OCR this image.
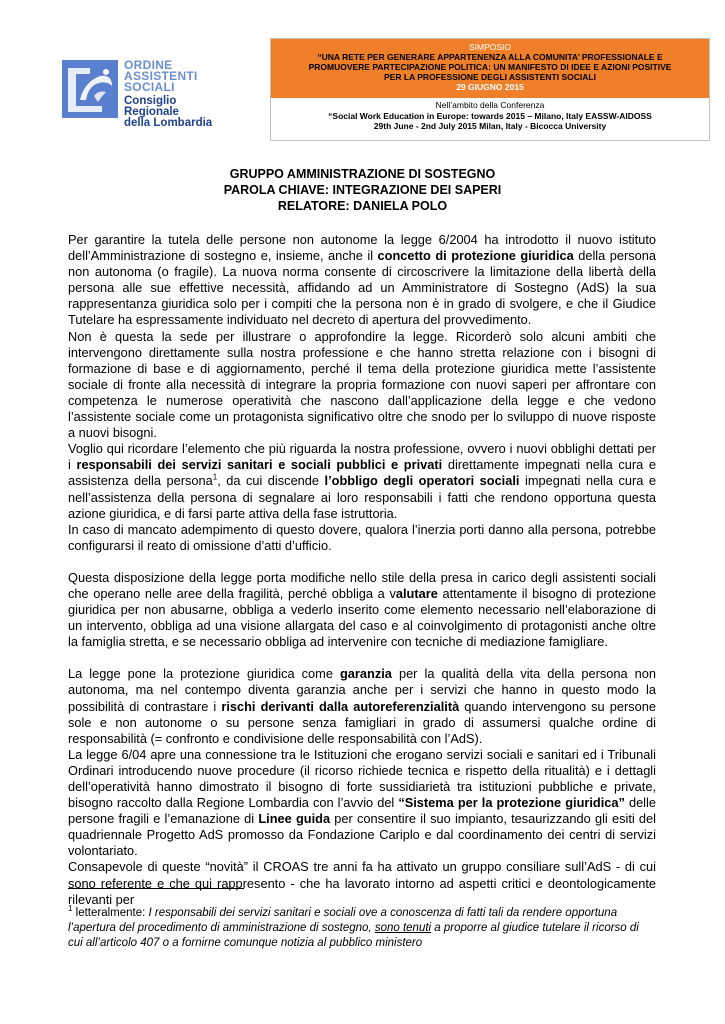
ORDINE
ASSISTENTI
SOCIALI
Consiglio Regionale
della Lombardia
SIMPOSIO
“UNA RETE PER GENERARE APPARTENENZA ALLA COMUNITA’ PROFESSIONALE E
PROMUOVERE PARTECIPAZIONE POLITICA: UN MANIFESTO DI IDEE E AZIONI POSITIVE
PER LA PROFESSIONE DEGLI ASSISTENTI SOCIALI
29 GIUGNO 2015
Nell’ambito della Conferenza
“Social Work Education in Europe: towards 2015 – Milano, Italy EASSW-AIDOSS
29th June - 2nd July 2015 Milan, Italy - Bicocca University
GRUPPO AMMINISTRAZIONE DI SOSTEGNO
PAROLA CHIAVE: INTEGRAZIONE DEI SAPERI
RELATORE: DANIELA POLO

Per garantire la tutela delle persone non autonome la legge 6/2004 ha introdotto il nuovo istituto dell’Amministrazione di sostegno e, insieme, anche il concetto di protezione giuridica della persona non autonoma (o fragile). La nuova norma consente di circoscrivere la limitazione della libertà della persona alle sue effettive necessità, affidando ad un Amministratore di Sostegno (AdS) la sua rappresentanza giuridica solo per i compiti che la persona non è in grado di svolgere, e che il Giudice Tutelare ha espressamente individuato nel decreto di apertura del provvedimento.

Non è questa la sede per illustrare o approfondire la legge. Ricorderò solo alcuni ambiti che intervengono direttamente sulla nostra professione e che hanno stretta relazione con i bisogni di formazione di base e di aggiornamento, perché il tema della protezione giuridica mette l’assistente sociale di fronte alla necessità di integrare la propria formazione con nuovi saperi per affrontare con competenza le numerose operatività che nascono dall’applicazione della legge e che vedono l’assistente sociale come un protagonista significativo oltre che snodo per lo sviluppo di nuove risposte a nuovi bisogni.

Voglio qui ricordare l’elemento che più riguarda la nostra professione, ovvero i nuovi obblighi dettati per i responsabili dei servizi sanitari e sociali pubblici e privati direttamente impegnati nella cura e assistenza della persona$^1$, da cui discende l’obbligo degli operatori sociali impegnati nella cura e nell’assistenza della persona di segnalare ai loro responsabili i fatti che rendono opportuna questa azione giuridica, e di farsi parte attiva della fase istruttoria.

In caso di mancato adempimento di questo dovere, qualora l’inerzia porti danno alla persona, potrebbe configurarsi il reato di omissione d’atti d’ufficio.

Questa disposizione della legge porta modifiche nello stile della presa in carico degli assistenti sociali che operano nelle aree della fragilità, perché obbliga a valutare attentamente il bisogno di protezione giuridica per non abusarne, obbliga a vederlo inserito come elemento necessario nell’elaborazione di un intervento, obbliga ad una visione allargata del caso e al coinvolgimento di protagonisti anche oltre la famiglia stretta, e se necessario obbliga ad intervenire con tecniche di mediazione famigliare.

La legge pone la protezione giuridica come garanzia per la qualità della vita della persona non autonoma, ma nel contempo diventa garanzia anche per i servizi che hanno in questo modo la possibilità di contrastare i rischi derivanti dalla autoreferenzialità quando intervengono su persone sole e non autonome o su persone senza famigliari in grado di assumersi qualche ordine di responsabilità (= confronto e condivisione delle responsabilità con l’AdS).

La legge 6/04 apre una connessione tra le Istituzioni che erogano servizi sociali e sanitari ed i Tribunali Ordinari introducendo nuove procedure (il ricorso richiede tecnica e rispetto della ritualità) e i dettagli dell’operatività hanno dimostrato il bisogno di forte sussidiarietà tra istituzioni pubbliche e private, bisogno raccolto dalla Regione Lombardia con l’avvio del “Sistema per la protezione giuridica” delle persone fragili e l’emanazione di Linee guida per consentire il suo impianto, tesaurizzando gli esiti del quadriennale Progetto AdS promosso da Fondazione Cariplo e dal coordinamento dei centri di servizi volontariato.

Consapevole di queste “novità” il CROAS tre anni fa ha attivato un gruppo consiliare sull’AdS - di cui sono referente e che qui rappresento - che ha lavorato intorno ad aspetti critici e deontologicamente rilevanti per

$^1$ letteralmente: I responsabili dei servizi sanitari e sociali ove a conoscenza di fatti tali da rendere opportuna l’apertura del procedimento di amministrazione di sostegno, sono tenuti a proporre al giudice tutelare il ricorso di cui all’articolo 407 o a fornirne comunque notizia al pubblico ministero
